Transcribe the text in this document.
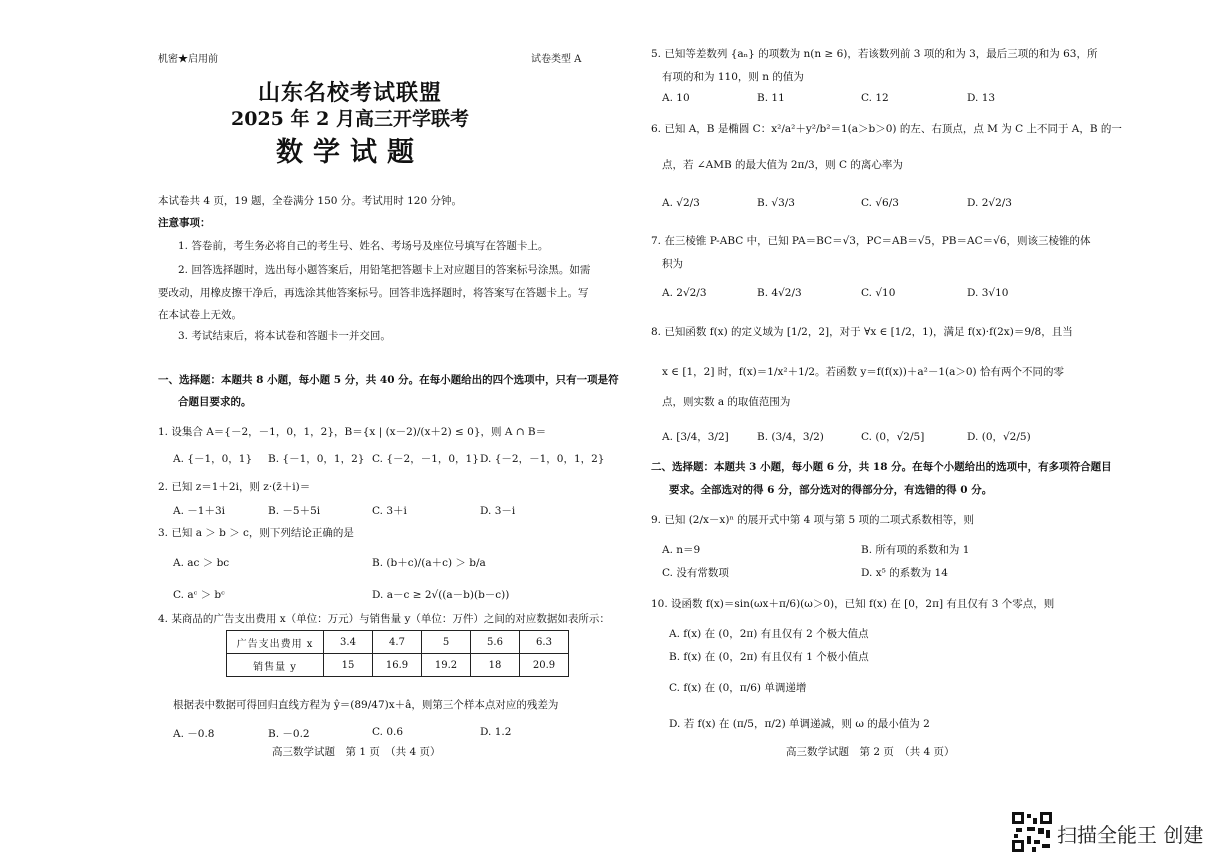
机密★启用前	试卷类型 A
山东名校考试联盟
2025 年 2 月高三开学联考
数学试题
本试卷共 4 页，19 题，全卷满分 150 分。考试用时 120 分钟。
注意事项：
1. 答卷前，考生务必将自己的考生号、姓名、考场号及座位号填写在答题卡上。
2. 回答选择题时，选出每小题答案后，用铅笔把答题卡上对应题目的答案标号涂黑。如需
要改动，用橡皮擦干净后，再选涂其他答案标号。回答非选择题时，将答案写在答题卡上。写
在本试卷上无效。
3. 考试结束后，将本试卷和答题卡一并交回。
一、选择题：本题共 8 小题，每小题 5 分，共 40 分。在每小题给出的四个选项中，只有一项是符
合题目要求的。
1. 设集合 A＝{－2，－1，0，1，2}，B＝{x | (x－2)/(x＋2) ≤ 0}，则 A ∩ B＝
A. {－1，0，1} B. {－1，0，1，2} C. {－2，－1，0，1} D. {－2，－1，0，1，2}
2. 已知 z＝1＋2i，则 z·(z̄＋i)＝
A. －1＋3i	B. －5＋5i	C. 3＋i	D. 3－i
3. 已知 a ＞ b ＞ c，则下列结论正确的是
A. ac ＞ bc	B. (b＋c)/(a＋c) ＞ b/a
C. aᶜ ＞ bᶜ	D. a－c ≥ 2√((a－b)(b－c))
4. 某商品的广告支出费用 x（单位：万元）与销售量 y（单位：万件）之间的对应数据如表所示：
广告支出费用 x	3.4	4.7	5	5.6	6.3
销售量 y	15	16.9	19.2	18	20.9
根据表中数据可得回归直线方程为 ŷ＝(89/47)x＋â，则第三个样本点对应的残差为
A. －0.8	B. －0.2	C. 0.6	D. 1.2
高三数学试题　第 1 页　（共 4 页）
5. 已知等差数列 {aₙ} 的项数为 n(n ≥ 6)，若该数列前 3 项的和为 3，最后三项的和为 63，所
有项的和为 110，则 n 的值为
A. 10	B. 11	C. 12	D. 13
6. 已知 A，B 是椭圆 C：x²/a²＋y²/b²＝1(a＞b＞0) 的左、右顶点，点 M 为 C 上不同于 A，B 的一
点，若 ∠AMB 的最大值为 2π/3，则 C 的离心率为
A. √2/3	B. √3/3	C. √6/3	D. 2√2/3
7. 在三棱锥 P-ABC 中，已知 PA＝BC＝√3，PC＝AB＝√5，PB＝AC＝√6，则该三棱锥的体
积为
A. 2√2/3	B. 4√2/3	C. √10	D. 3√10
8. 已知函数 f(x) 的定义域为 [1/2，2]，对于 ∀x ∈ [1/2，1)，满足 f(x)·f(2x)＝9/8，且当
x ∈ [1，2] 时，f(x)＝1/x²＋1/2。若函数 y＝f(f(x))＋a²－1(a＞0) 恰有两个不同的零
点，则实数 a 的取值范围为
A. [3/4，3/2]	B. (3/4，3/2)	C. (0，√2/5]	D. (0，√2/5)
二、选择题：本题共 3 小题，每小题 6 分，共 18 分。在每个小题给出的选项中，有多项符合题目
要求。全部选对的得 6 分，部分选对的得部分分，有选错的得 0 分。
9. 已知 (2/x－x)ⁿ 的展开式中第 4 项与第 5 项的二项式系数相等，则
A. n＝9	B. 所有项的系数和为 1
C. 没有常数项	D. x⁵ 的系数为 14
10. 设函数 f(x)＝sin(ωx＋π/6)(ω＞0)，已知 f(x) 在 [0，2π] 有且仅有 3 个零点，则
A. f(x) 在 (0，2π) 有且仅有 2 个极大值点
B. f(x) 在 (0，2π) 有且仅有 1 个极小值点
C. f(x) 在 (0，π/6) 单调递增
D. 若 f(x) 在 (π/5，π/2) 单调递减，则 ω 的最小值为 2
高三数学试题　第 2 页　（共 4 页）
扫描全能王 创建
